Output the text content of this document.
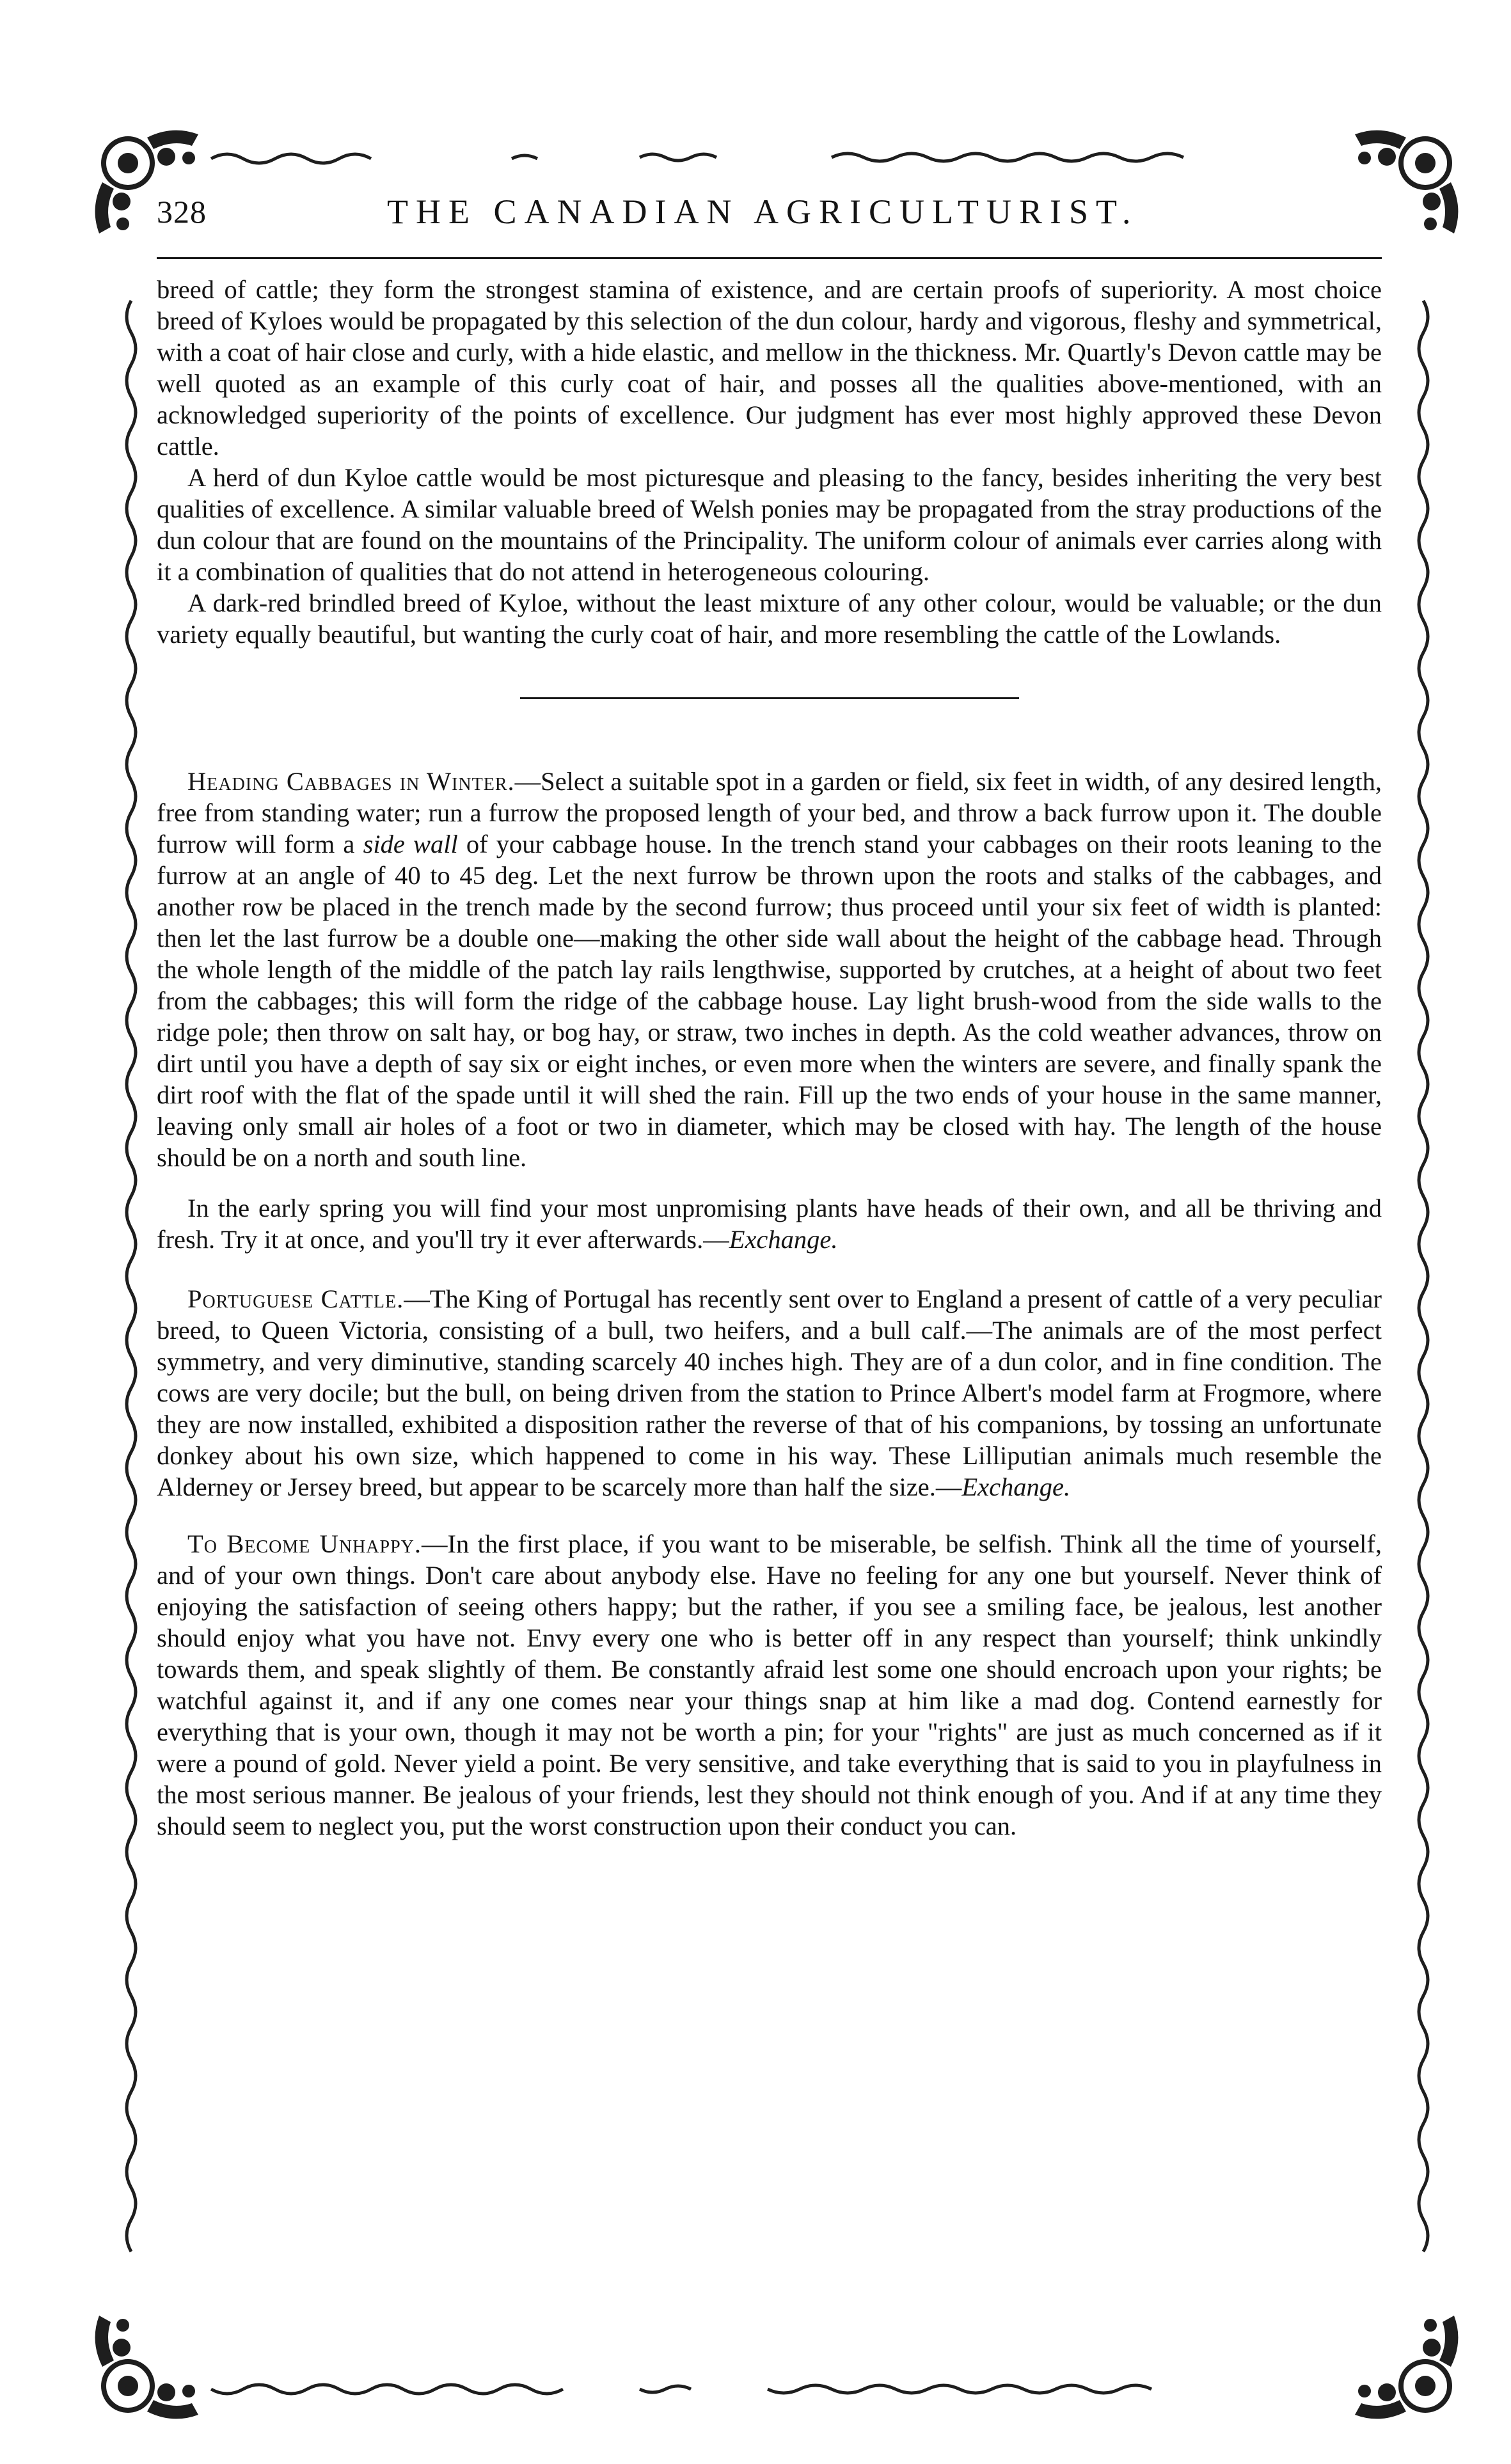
328	THE CANADIAN AGRICULTURIST.

breed of cattle; they form the strongest stamina of existence, and are certain proofs of superiority. A most choice breed of Kyloes would be propagated by this selection of the dun colour, hardy and vigorous, fleshy and symmetrical, with a coat of hair close and curly, with a hide elastic, and mellow in the thickness. Mr. Quartly's Devon cattle may be well quoted as an example of this curly coat of hair, and posses all the qualities above-mentioned, with an acknowledged superiority of the points of excellence. Our judgment has ever most highly approved these Devon cattle.

A herd of dun Kyloe cattle would be most picturesque and pleasing to the fancy, besides inheriting the very best qualities of excellence. A similar valuable breed of Welsh ponies may be propagated from the stray productions of the dun colour that are found on the mountains of the Principality. The uniform colour of animals ever carries along with it a combination of qualities that do not attend in heterogeneous colouring.

A dark-red brindled breed of Kyloe, without the least mixture of any other colour, would be valuable; or the dun variety equally beautiful, but wanting the curly coat of hair, and more resembling the cattle of the Lowlands.

Heading Cabbages in Winter.—Select a suitable spot in a garden or field, six feet in width, of any desired length, free from standing water; run a furrow the proposed length of your bed, and throw a back furrow upon it. The double furrow will form a side wall of your cabbage house. In the trench stand your cabbages on their roots leaning to the furrow at an angle of 40 to 45 deg. Let the next furrow be thrown upon the roots and stalks of the cabbages, and another row be placed in the trench made by the second furrow; thus proceed until your six feet of width is planted: then let the last furrow be a double one—making the other side wall about the height of the cabbage head. Through the whole length of the middle of the patch lay rails lengthwise, supported by crutches, at a height of about two feet from the cabbages; this will form the ridge of the cabbage house. Lay light brush-wood from the side walls to the ridge pole; then throw on salt hay, or bog hay, or straw, two inches in depth. As the cold weather advances, throw on dirt until you have a depth of say six or eight inches, or even more when the winters are severe, and finally spank the dirt roof with the flat of the spade until it will shed the rain. Fill up the two ends of your house in the same manner, leaving only small air holes of a foot or two in diameter, which may be closed with hay. The length of the house should be on a north and south line.

In the early spring you will find your most unpromising plants have heads of their own, and all be thriving and fresh. Try it at once, and you'll try it ever afterwards.—Exchange.

Portuguese Cattle.—The King of Portugal has recently sent over to England a present of cattle of a very peculiar breed, to Queen Victoria, consisting of a bull, two heifers, and a bull calf.—The animals are of the most perfect symmetry, and very diminutive, standing scarcely 40 inches high. They are of a dun color, and in fine condition. The cows are very docile; but the bull, on being driven from the station to Prince Albert's model farm at Frogmore, where they are now installed, exhibited a disposition rather the reverse of that of his companions, by tossing an unfortunate donkey about his own size, which happened to come in his way. These Lilliputian animals much resemble the Alderney or Jersey breed, but appear to be scarcely more than half the size.—Exchange.

To Become Unhappy.—In the first place, if you want to be miserable, be selfish. Think all the time of yourself, and of your own things. Don't care about anybody else. Have no feeling for any one but yourself. Never think of enjoying the satisfaction of seeing others happy; but the rather, if you see a smiling face, be jealous, lest another should enjoy what you have not. Envy every one who is better off in any respect than yourself; think unkindly towards them, and speak slightly of them. Be constantly afraid lest some one should encroach upon your rights; be watchful against it, and if any one comes near your things snap at him like a mad dog. Contend earnestly for everything that is your own, though it may not be worth a pin; for your "rights" are just as much concerned as if it were a pound of gold. Never yield a point. Be very sensitive, and take everything that is said to you in playfulness in the most serious manner. Be jealous of your friends, lest they should not think enough of you. And if at any time they should seem to neglect you, put the worst construction upon their conduct you can.
